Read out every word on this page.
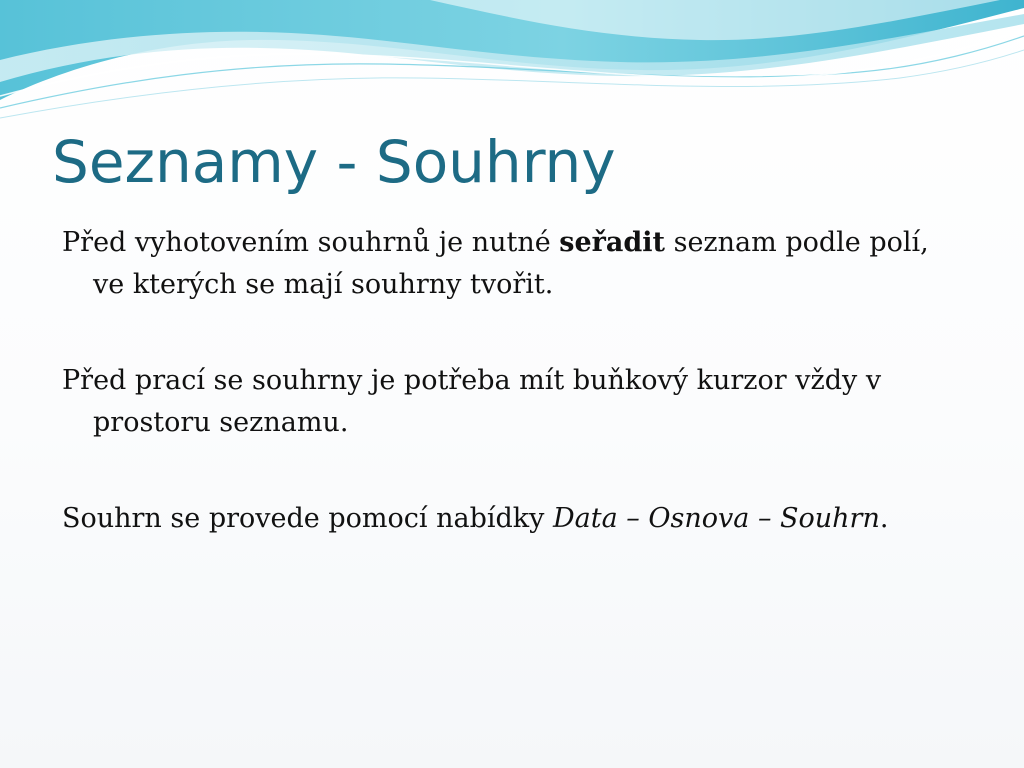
Seznamy - Souhrny

Před vyhotovením souhrnů je nutné seřadit seznam podle polí, ve kterých se mají souhrny tvořit.

Před prací se souhrny je potřeba mít buňkový kurzor vždy v prostoru seznamu.

Souhrn se provede pomocí nabídky Data – Osnova – Souhrn.
